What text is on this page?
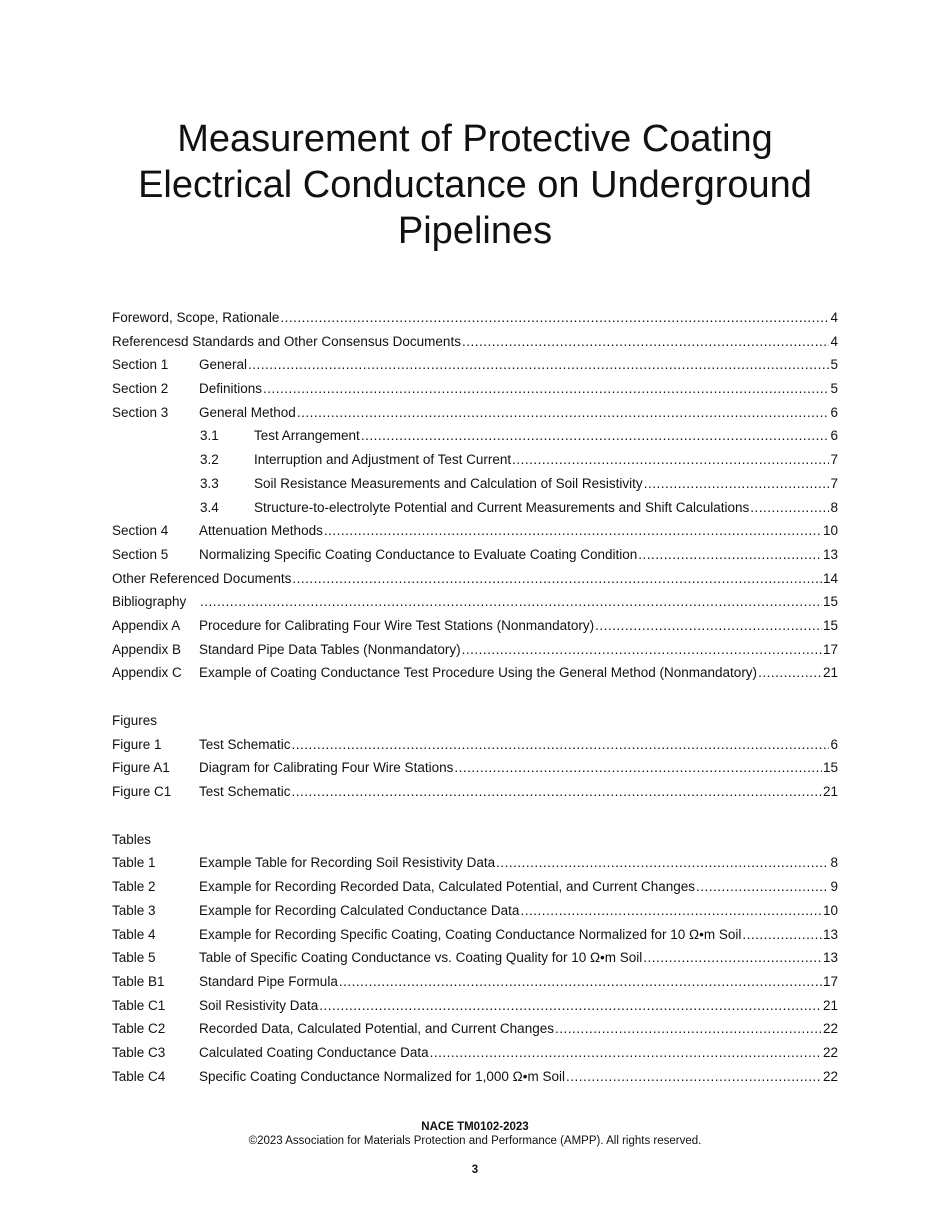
Measurement of Protective Coating
Electrical Conductance on Underground
Pipelines
Foreword, Scope, Rationale .....	4
Referencesd Standards and Other Consensus Documents .....	4
Section 1	General .....	5
Section 2	Definitions .....	5
Section 3	General Method .....	6
3.1	Test Arrangement .....	6
3.2	Interruption and Adjustment of Test Current .....	7
3.3	Soil Resistance Measurements and Calculation of Soil Resistivity .....	7
3.4	Structure-to-electrolyte Potential and Current Measurements and Shift Calculations .....	8
Section 4	Attenuation Methods .....	10
Section 5	Normalizing Specific Coating Conductance to Evaluate Coating Condition .....	13
Other Referenced Documents .....	14
Bibliography .....	15
Appendix A	Procedure for Calibrating Four Wire Test Stations (Nonmandatory) .....	15
Appendix B	Standard Pipe Data Tables (Nonmandatory) .....	17
Appendix C	Example of Coating Conductance Test Procedure Using the General Method (Nonmandatory) .....	21
Figures
Figure 1	Test Schematic .....	6
Figure A1	Diagram for Calibrating Four Wire Stations .....	15
Figure C1	Test Schematic .....	21
Tables
Table 1	Example Table for Recording Soil Resistivity Data .....	8
Table 2	Example for Recording Recorded Data, Calculated Potential, and Current Changes .....	9
Table 3	Example for Recording Calculated Conductance Data .....	10
Table 4	Example for Recording Specific Coating, Coating Conductance Normalized for 10 Ω•m Soil .....	13
Table 5	Table of Specific Coating Conductance vs. Coating Quality for 10 Ω•m Soil .....	13
Table B1	Standard Pipe Formula .....	17
Table C1	Soil Resistivity Data .....	21
Table C2	Recorded Data, Calculated Potential, and Current Changes .....	22
Table C3	Calculated Coating Conductance Data .....	22
Table C4	Specific Coating Conductance Normalized for 1,000 Ω•m Soil .....	22
NACE TM0102-2023
©2023 Association for Materials Protection and Performance (AMPP). All rights reserved.
3
